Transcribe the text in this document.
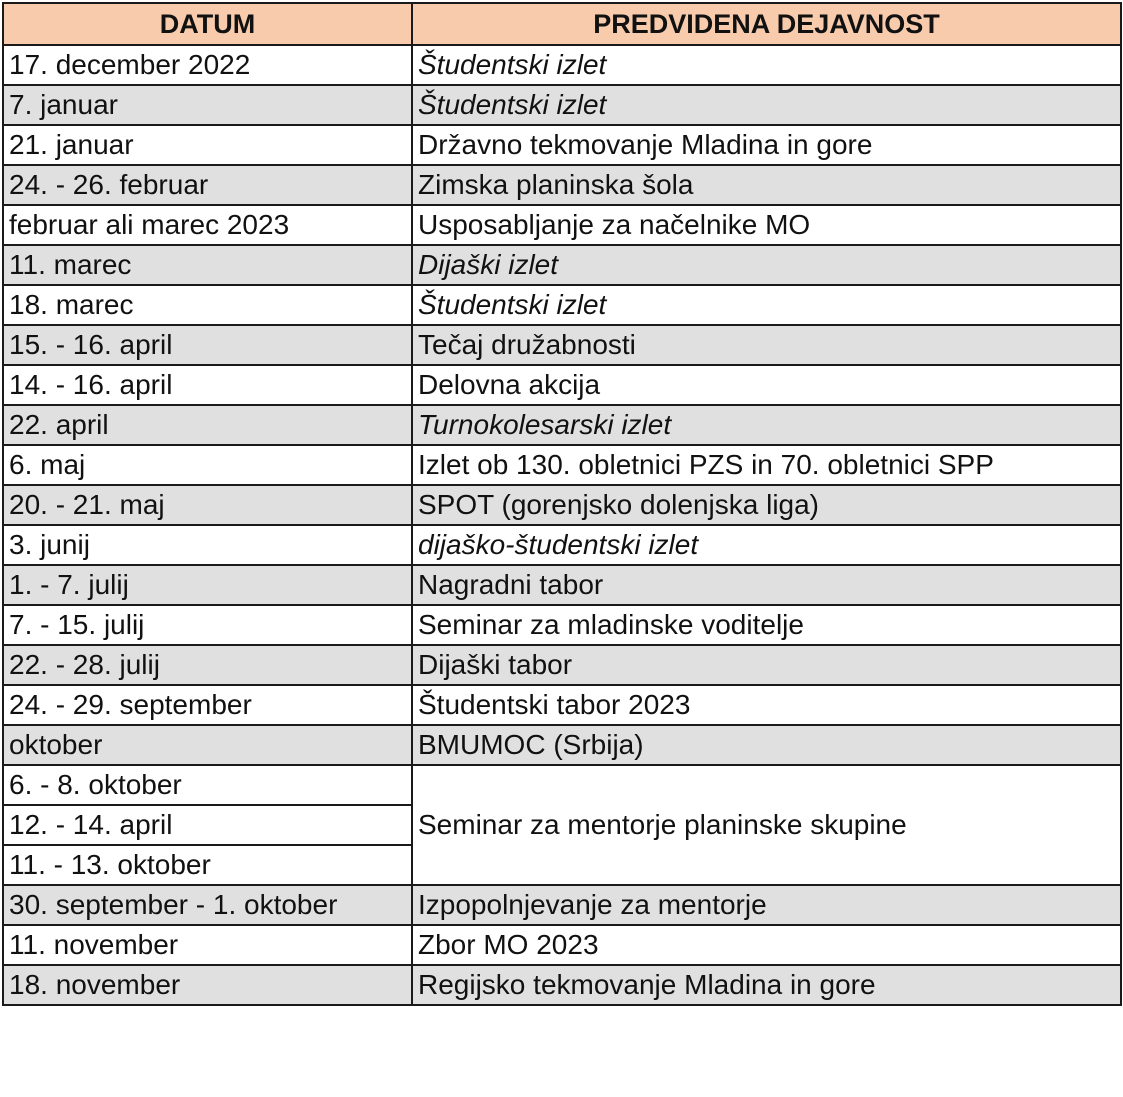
DATUM	PREDVIDENA DEJAVNOST
17. december 2022	Študentski izlet
7. januar	Študentski izlet
21. januar	Državno tekmovanje Mladina in gore
24. - 26. februar	Zimska planinska šola
februar ali marec 2023	Usposabljanje za načelnike MO
11. marec	Dijaški izlet
18. marec	Študentski izlet
15. - 16. april	Tečaj družabnosti
14. - 16. april	Delovna akcija
22. april	Turnokolesarski izlet
6. maj	Izlet ob 130. obletnici PZS in 70. obletnici SPP
20. - 21. maj	SPOT (gorenjsko dolenjska liga)
3. junij	dijaško-študentski izlet
1. - 7. julij	Nagradni tabor
7. - 15. julij	Seminar za mladinske voditelje
22. - 28. julij	Dijaški tabor
24. - 29. september	Študentski tabor 2023
oktober	BMUMOC (Srbija)
6. - 8. oktober	Seminar za mentorje planinske skupine
12. - 14. april	
11. - 13. oktober	
30. september - 1. oktober	Izpopolnjevanje za mentorje
11. november	Zbor MO 2023
18. november	Regijsko tekmovanje Mladina in gore
